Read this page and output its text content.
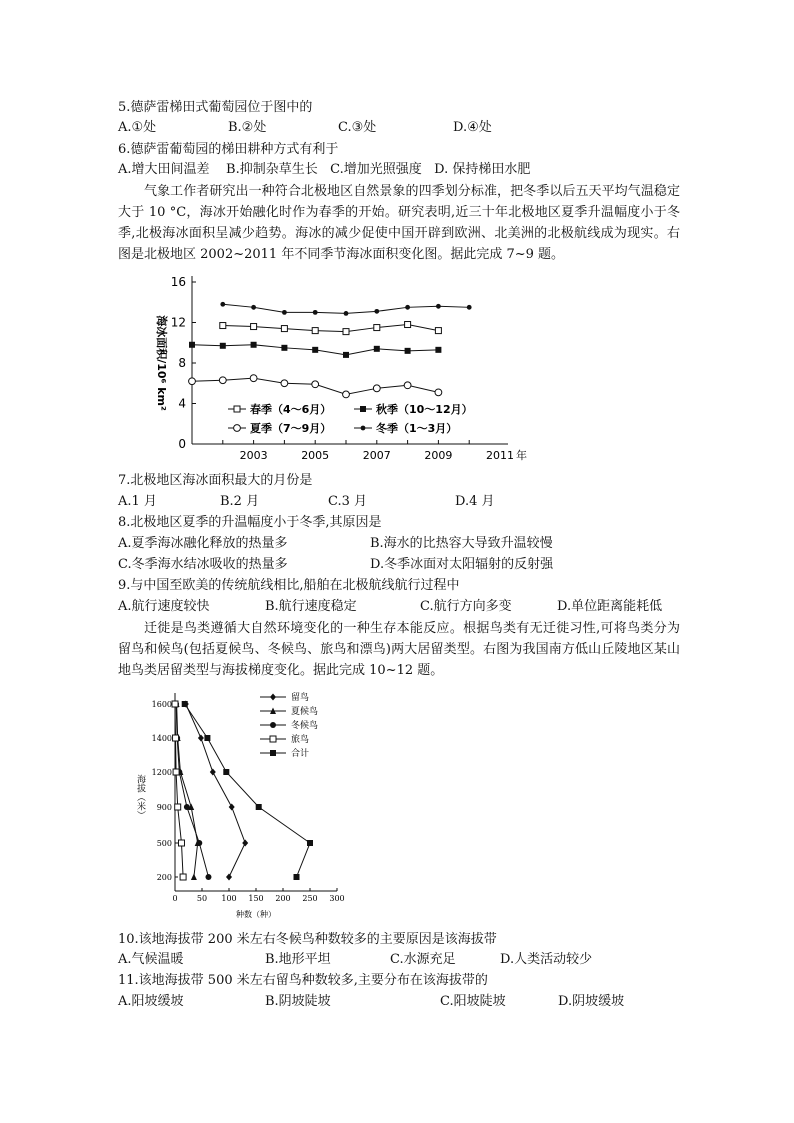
5.德萨雷梯田式葡萄园位于图中的
A.①处	B.②处	C.③处	D.④处
6.德萨雷葡萄园的梯田耕种方式有利于
A.增大田间温差    B.抑制杂草生长   C.增加光照强度   D. 保持梯田水肥

气象工作者研究出一种符合北极地区自然景象的四季划分标准，把冬季以后五天平均气温稳定大于 10 °C，海冰开始融化时作为春季的开始。研究表明,近三十年北极地区夏季升温幅度小于冬季,北极海冰面积呈减少趋势。海冰的减少促使中国开辟到欧洲、北美洲的北极航线成为现实。右图是北极地区 2002~2011 年不同季节海冰面积变化图。据此完成 7~9 题。

0
4
8
12
16
2003	2005	2007	2009	2011 年
海冰面积/10⁶ km²	春季（4～6月）	秋季（10～12月）
夏季（7～9月）	冬季（1～3月）
7.北极地区海冰面积最大的月份是
A.1 月	B.2 月	C.3 月	D.4 月
8.北极地区夏季的升温幅度小于冬季,其原因是
A.夏季海冰融化释放的热量多	B.海水的比热容大导致升温较慢
C.冬季海水结冰吸收的热量多	D.冬季冰面对太阳辐射的反射强
9.与中国至欧美的传统航线相比,船舶在北极航线航行过程中
A.航行速度较快	B.航行速度稳定	C.航行方向多变	D.单位距离能耗低

迁徙是鸟类遵循大自然环境变化的一种生存本能反应。根据鸟类有无迁徙习性,可将鸟类分为留鸟和候鸟(包括夏候鸟、冬候鸟、旅鸟和漂鸟)两大居留类型。右图为我国南方低山丘陵地区某山地鸟类居留类型与海拔梯度变化。据此完成 10~12 题。

200
500
900
1200
1400
1600
0 50 100 150 200 250 300
种数（种）
海拔（米）
留鸟
夏候鸟
冬候鸟
旅鸟
合计
10.该地海拔带 200 米左右冬候鸟种数较多的主要原因是该海拔带
A.气候温暖	B.地形平坦	C.水源充足	D.人类活动较少
11.该地海拔带 500 米左右留鸟种数较多,主要分布在该海拔带的
A.阳坡缓坡	B.阴坡陡坡	C.阳坡陡坡	D.阴坡缓坡
